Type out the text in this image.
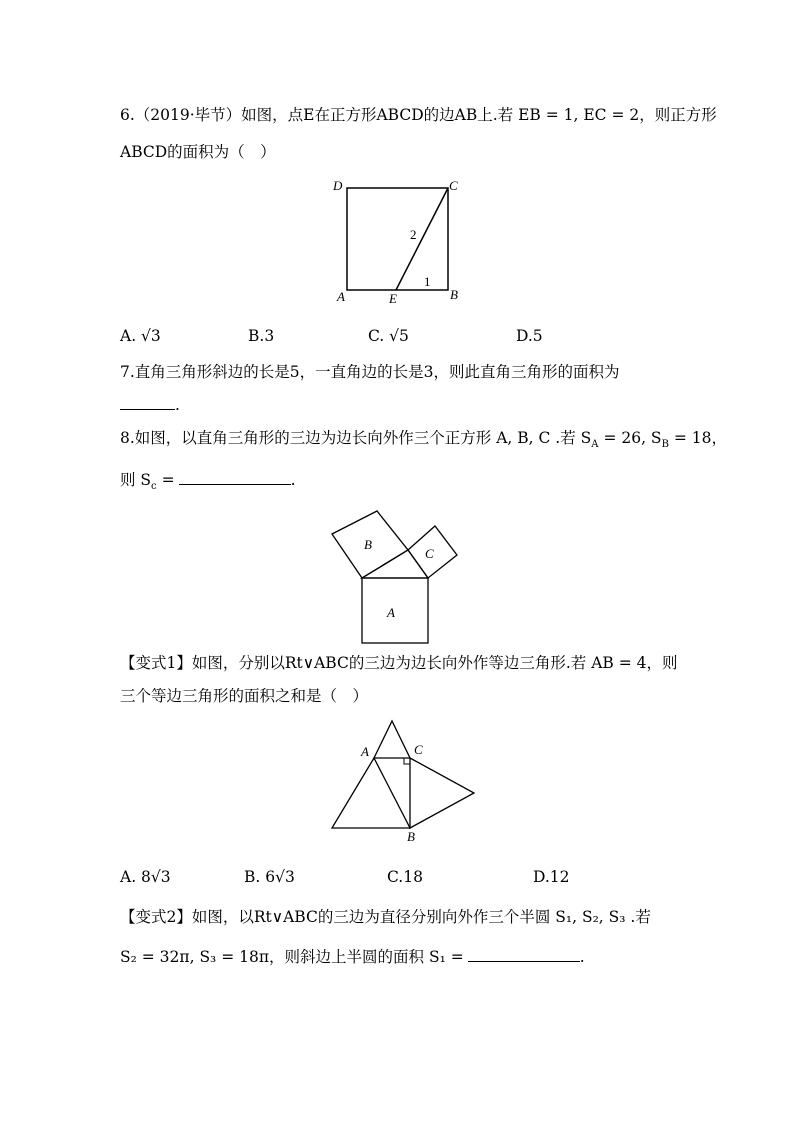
6.（2019·毕节）如图，点E在正方形ABCD的边AB上.若 EB = 1, EC = 2，则正方形
ABCD的面积为（　）
D	C
A	E	B
2
1
A. √3	B.3	C. √5	D.5
7.直角三角形斜边的长是5，一直角边的长是3，则此直角三角形的面积为
.
8.如图，以直角三角形的三边为边长向外作三个正方形 A, B, C .若 $S_A = 26$, $S_B = 18$，
则 $S_c$ =	.
B
C
A
【变式1】如图，分别以Rt∨ABC的三边为边长向外作等边三角形.若 AB = 4，则
三个等边三角形的面积之和是（　）
A	C
B
A. 8√3	B. 6√3	C.18	D.12
【变式2】如图，以Rt∨ABC的三边为直径分别向外作三个半圆 S₁, S₂, S₃ .若
S₂ = 32π, S₃ = 18π，则斜边上半圆的面积 S₁ =	.
